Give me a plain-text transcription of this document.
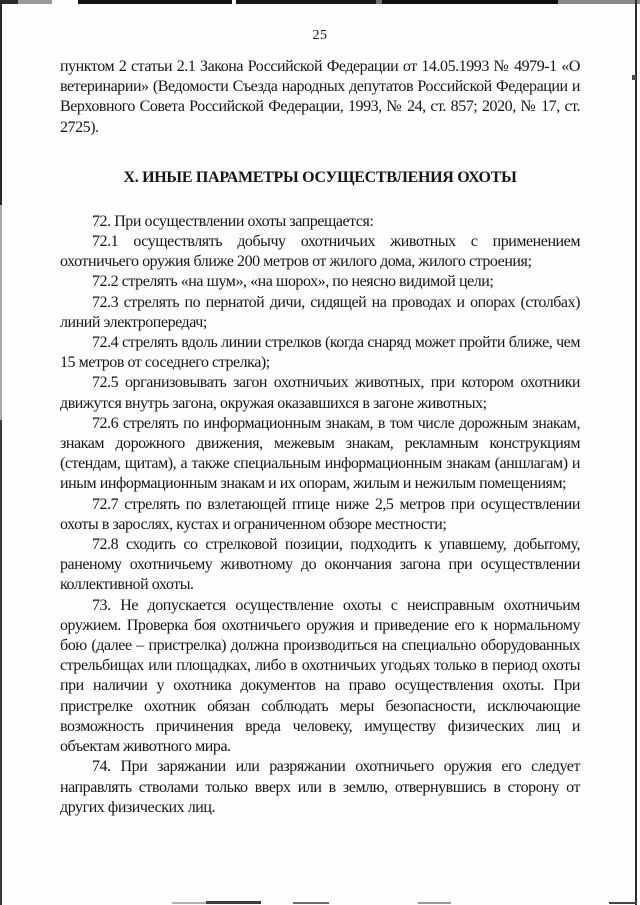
25

пунктом 2 статьи 2.1 Закона Российской Федерации от 14.05.1993 № 4979-1 «О ветеринарии» (Ведомости Съезда народных депутатов Российской Федерации и Верховного Совета Российской Федерации, 1993, № 24, ст. 857; 2020, № 17, ст. 2725).

X. ИНЫЕ ПАРАМЕТРЫ ОСУЩЕСТВЛЕНИЯ ОХОТЫ

72. При осуществлении охоты запрещается:

72.1 осуществлять добычу охотничьих животных с применением охотничьего оружия ближе 200 метров от жилого дома, жилого строения;

72.2 стрелять «на шум», «на шорох», по неясно видимой цели;

72.3 стрелять по пернатой дичи, сидящей на проводах и опорах (столбах) линий электропередач;

72.4 стрелять вдоль линии стрелков (когда снаряд может пройти ближе, чем 15 метров от соседнего стрелка);

72.5 организовывать загон охотничьих животных, при котором охотники движутся внутрь загона, окружая оказавшихся в загоне животных;

72.6 стрелять по информационным знакам, в том числе дорожным знакам, знакам дорожного движения, межевым знакам, рекламным конструкциям (стендам, щитам), а также специальным информационным знакам (аншлагам) и иным информационным знакам и их опорам, жилым и нежилым помещениям;

72.7 стрелять по взлетающей птице ниже 2,5 метров при осуществлении охоты в зарослях, кустах и ограниченном обзоре местности;

72.8 сходить со стрелковой позиции, подходить к упавшему, добытому, раненому охотничьему животному до окончания загона при осуществлении коллективной охоты.

73. Не допускается осуществление охоты с неисправным охотничьим оружием. Проверка боя охотничьего оружия и приведение его к нормальному бою (далее – пристрелка) должна производиться на специально оборудованных стрельбищах или площадках, либо в охотничьих угодьях только в период охоты при наличии у охотника документов на право осуществления охоты. При пристрелке охотник обязан соблюдать меры безопасности, исключающие возможность причинения вреда человеку, имуществу физических лиц и объектам животного мира.

74. При заряжании или разряжании охотничьего оружия его следует направлять стволами только вверх или в землю, отвернувшись в сторону от других физических лиц.
